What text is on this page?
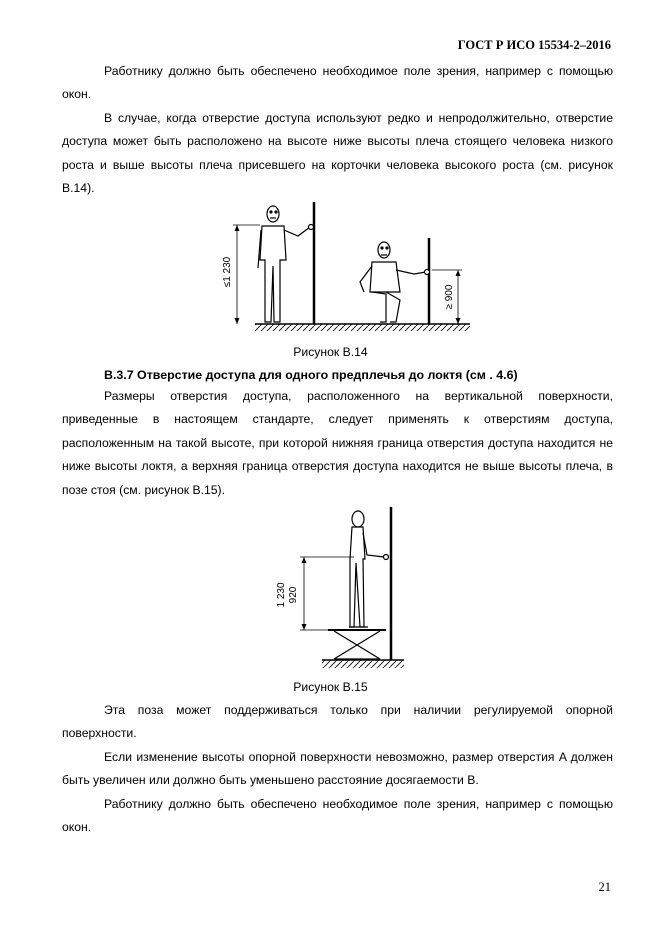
ГОСТ Р ИСО 15534-2–2016

Работнику должно быть обеспечено необходимое поле зрения, например с помощью окон.

В случае, когда отверстие доступа используют редко и непродолжительно, отверстие доступа может быть расположено на высоте ниже высоты плеча стоящего человека низкого роста и выше высоты плеча присевшего на корточки человека высокого роста (см. рисунок В.14).

≤1 230
≥ 900
Рисунок В.14
В.3.7 Отверстие доступа для одного предплечья до локтя (см . 4.6)

Размеры отверстия доступа, расположенного на вертикальной поверхности, приведенные в настоящем стандарте, следует применять к отверстиям доступа, расположенным на такой высоте, при которой нижняя граница отверстия доступа находится не ниже высоты локтя, а верхняя граница отверстия доступа находится не выше высоты плеча, в позе стоя (см. рисунок В.15).

1 230 920
Рисунок В.15

Эта поза может поддерживаться только при наличии регулируемой опорной поверхности.

Если изменение высоты опорной поверхности невозможно, размер отверстия A должен быть увеличен или должно быть уменьшено расстояние досягаемости B.

Работнику должно быть обеспечено необходимое поле зрения, например с помощью окон.

21
